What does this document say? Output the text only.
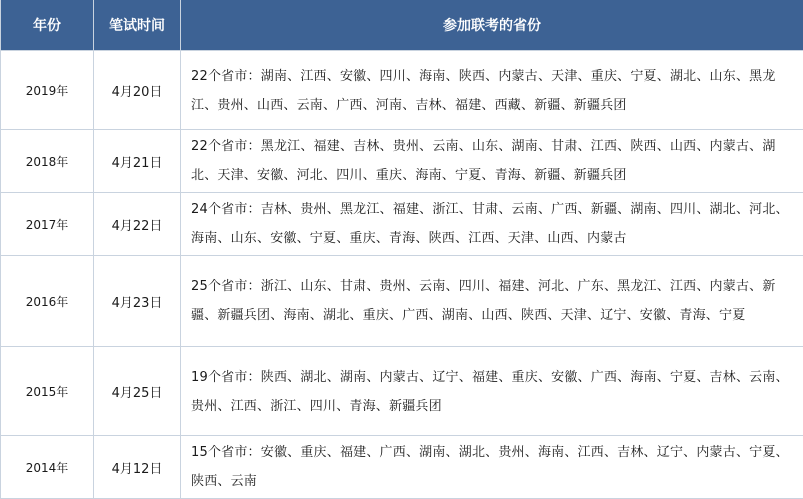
年份	笔试时间	参加联考的省份
2019年	4月20日	22个省市：湖南、江西、安徽、四川、海南、陕西、内蒙古、天津、重庆、宁夏、湖北、山东、黑龙江、贵州、山西、云南、广西、河南、吉林、福建、西藏、新疆、新疆兵团
2018年	4月21日	22个省市：黑龙江、福建、吉林、贵州、云南、山东、湖南、甘肃、江西、陕西、山西、内蒙古、湖北、天津、安徽、河北、四川、重庆、海南、宁夏、青海、新疆、新疆兵团
2017年	4月22日	24个省市：吉林、贵州、黑龙江、福建、浙江、甘肃、云南、广西、新疆、湖南、四川、湖北、河北、海南、山东、安徽、宁夏、重庆、青海、陕西、江西、天津、山西、内蒙古
2016年	4月23日	25个省市：浙江、山东、甘肃、贵州、云南、四川、福建、河北、广东、黑龙江、江西、内蒙古、新疆、新疆兵团、海南、湖北、重庆、广西、湖南、山西、陕西、天津、辽宁、安徽、青海、宁夏
2015年	4月25日	19个省市：陕西、湖北、湖南、内蒙古、辽宁、福建、重庆、安徽、广西、海南、宁夏、吉林、云南、贵州、江西、浙江、四川、青海、新疆兵团
2014年	4月12日	15个省市：安徽、重庆、福建、广西、湖南、湖北、贵州、海南、江西、吉林、辽宁、内蒙古、宁夏、陕西、云南
